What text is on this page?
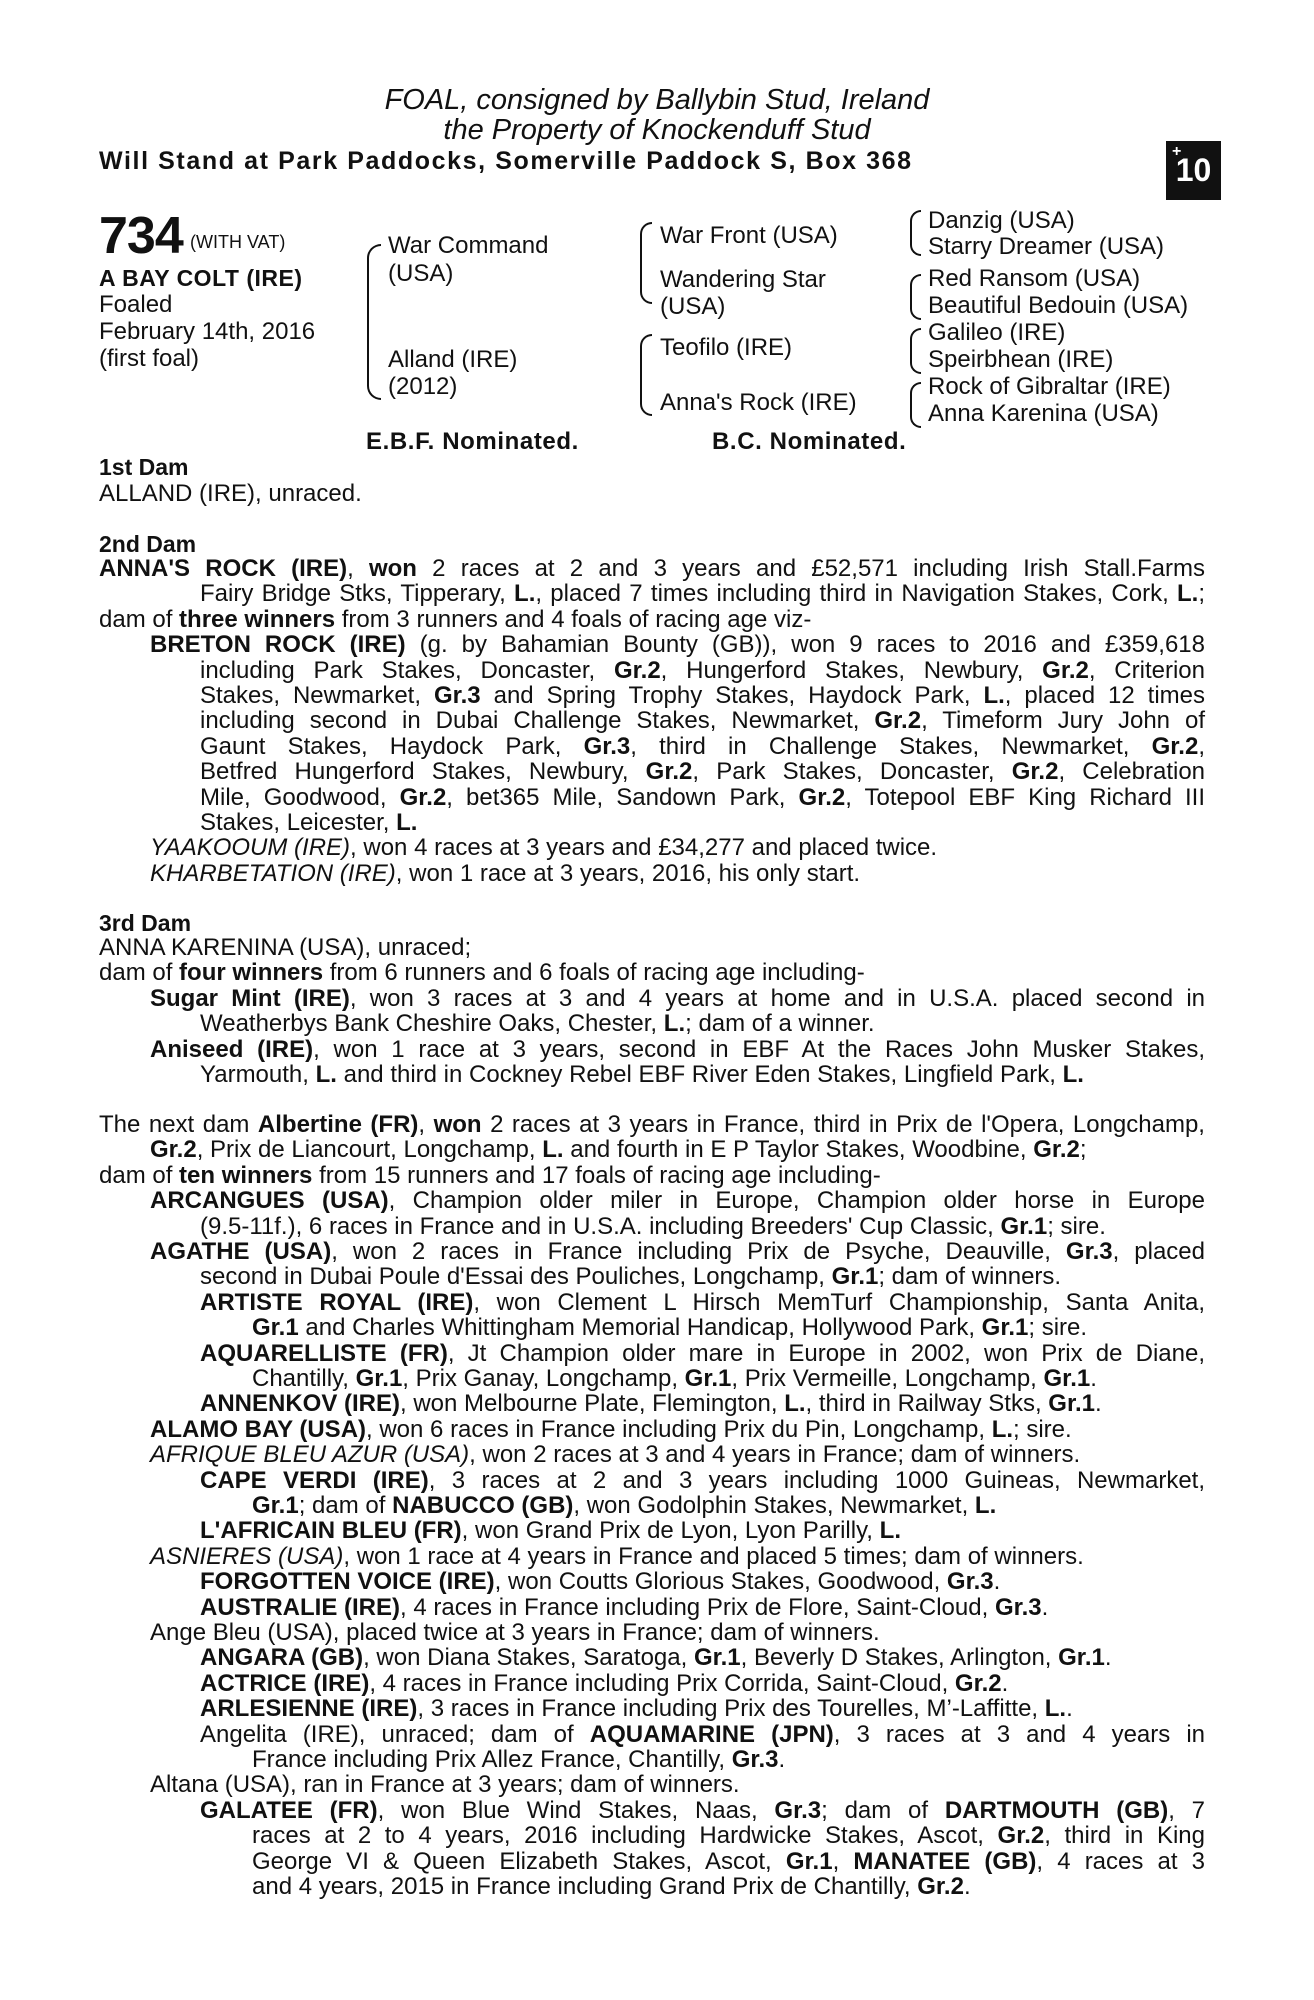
FOAL, consigned by Ballybin Stud, Ireland
the Property of Knockenduff Stud
Will Stand at Park Paddocks, Somerville Paddock S, Box 368	+
10
734 (WITH VAT)
A BAY COLT (IRE)
Foaled
February 14th, 2016
(first foal)
War Command
(USA)
Alland (IRE)
(2012)
War Front (USA)
Wandering Star
(USA)
Teofilo (IRE)
Anna's Rock (IRE)
Danzig (USA)
Starry Dreamer (USA)
Red Ransom (USA)
Beautiful Bedouin (USA)
Galileo (IRE)
Speirbhean (IRE)
Rock of Gibraltar (IRE)
Anna Karenina (USA)
E.B.F. Nominated.	B.C. Nominated.
1st Dam
ALLAND (IRE), unraced.
2nd Dam
ANNA'S ROCK (IRE), won 2 races at 2 and 3 years and £52,571 including Irish Stall.Farms
Fairy Bridge Stks, Tipperary, L., placed 7 times including third in Navigation Stakes, Cork, L.;
dam of three winners from 3 runners and 4 foals of racing age viz-
BRETON ROCK (IRE) (g. by Bahamian Bounty (GB)), won 9 races to 2016 and £359,618
including Park Stakes, Doncaster, Gr.2, Hungerford Stakes, Newbury, Gr.2, Criterion
Stakes, Newmarket, Gr.3 and Spring Trophy Stakes, Haydock Park, L., placed 12 times
including second in Dubai Challenge Stakes, Newmarket, Gr.2, Timeform Jury John of
Gaunt Stakes, Haydock Park, Gr.3, third in Challenge Stakes, Newmarket, Gr.2,
Betfred Hungerford Stakes, Newbury, Gr.2, Park Stakes, Doncaster, Gr.2, Celebration
Mile, Goodwood, Gr.2, bet365 Mile, Sandown Park, Gr.2, Totepool EBF King Richard III
Stakes, Leicester, L.
YAAKOOUM (IRE), won 4 races at 3 years and £34,277 and placed twice.
KHARBETATION (IRE), won 1 race at 3 years, 2016, his only start.
3rd Dam
ANNA KARENINA (USA), unraced;
dam of four winners from 6 runners and 6 foals of racing age including-
Sugar Mint (IRE), won 3 races at 3 and 4 years at home and in U.S.A. placed second in
Weatherbys Bank Cheshire Oaks, Chester, L.; dam of a winner.
Aniseed (IRE), won 1 race at 3 years, second in EBF At the Races John Musker Stakes,
Yarmouth, L. and third in Cockney Rebel EBF River Eden Stakes, Lingfield Park, L.
The next dam Albertine (FR), won 2 races at 3 years in France, third in Prix de l'Opera, Longchamp,
Gr.2, Prix de Liancourt, Longchamp, L. and fourth in E P Taylor Stakes, Woodbine, Gr.2;
dam of ten winners from 15 runners and 17 foals of racing age including-
ARCANGUES (USA), Champion older miler in Europe, Champion older horse in Europe
(9.5-11f.), 6 races in France and in U.S.A. including Breeders' Cup Classic, Gr.1; sire.
AGATHE (USA), won 2 races in France including Prix de Psyche, Deauville, Gr.3, placed
second in Dubai Poule d'Essai des Pouliches, Longchamp, Gr.1; dam of winners.
ARTISTE ROYAL (IRE), won Clement L Hirsch MemTurf Championship, Santa Anita,
Gr.1 and Charles Whittingham Memorial Handicap, Hollywood Park, Gr.1; sire.
AQUARELLISTE (FR), Jt Champion older mare in Europe in 2002, won Prix de Diane,
Chantilly, Gr.1, Prix Ganay, Longchamp, Gr.1, Prix Vermeille, Longchamp, Gr.1.
ANNENKOV (IRE), won Melbourne Plate, Flemington, L., third in Railway Stks, Gr.1.
ALAMO BAY (USA), won 6 races in France including Prix du Pin, Longchamp, L.; sire.
AFRIQUE BLEU AZUR (USA), won 2 races at 3 and 4 years in France; dam of winners.
CAPE VERDI (IRE), 3 races at 2 and 3 years including 1000 Guineas, Newmarket,
Gr.1; dam of NABUCCO (GB), won Godolphin Stakes, Newmarket, L.
L'AFRICAIN BLEU (FR), won Grand Prix de Lyon, Lyon Parilly, L.
ASNIERES (USA), won 1 race at 4 years in France and placed 5 times; dam of winners.
FORGOTTEN VOICE (IRE), won Coutts Glorious Stakes, Goodwood, Gr.3.
AUSTRALIE (IRE), 4 races in France including Prix de Flore, Saint-Cloud, Gr.3.
Ange Bleu (USA), placed twice at 3 years in France; dam of winners.
ANGARA (GB), won Diana Stakes, Saratoga, Gr.1, Beverly D Stakes, Arlington, Gr.1.
ACTRICE (IRE), 4 races in France including Prix Corrida, Saint-Cloud, Gr.2.
ARLESIENNE (IRE), 3 races in France including Prix des Tourelles, M’-Laffitte, L..
Angelita (IRE), unraced; dam of AQUAMARINE (JPN), 3 races at 3 and 4 years in
France including Prix Allez France, Chantilly, Gr.3.
Altana (USA), ran in France at 3 years; dam of winners.
GALATEE (FR), won Blue Wind Stakes, Naas, Gr.3; dam of DARTMOUTH (GB), 7
races at 2 to 4 years, 2016 including Hardwicke Stakes, Ascot, Gr.2, third in King
George VI & Queen Elizabeth Stakes, Ascot, Gr.1, MANATEE (GB), 4 races at 3
and 4 years, 2015 in France including Grand Prix de Chantilly, Gr.2.
